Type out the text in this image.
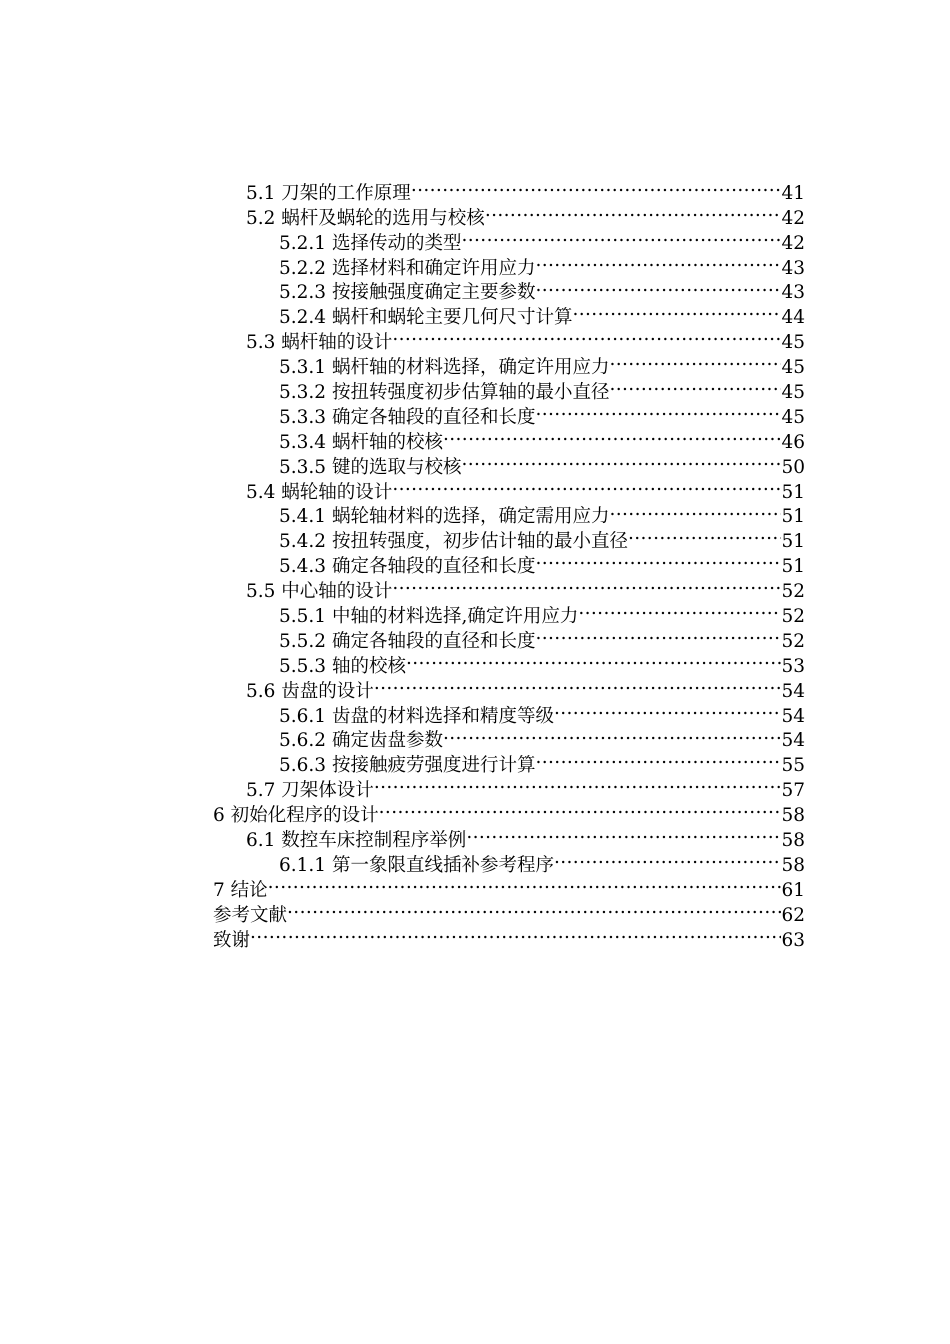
5.1 刀架的工作原理 .....	41
5.2 蜗杆及蜗轮的选用与校核 .....	42
5.2.1 选择传动的类型 .....	42
5.2.2 选择材料和确定许用应力 .....	43
5.2.3 按接触强度确定主要参数 .....	43
5.2.4 蜗杆和蜗轮主要几何尺寸计算 .....	44
5.3 蜗杆轴的设计 .....	45
5.3.1 蜗杆轴的材料选择，确定许用应力 .....	45
5.3.2 按扭转强度初步估算轴的最小直径 .....	45
5.3.3 确定各轴段的直径和长度 .....	45
5.3.4 蜗杆轴的校核 .....	46
5.3.5 键的选取与校核 .....	50
5.4 蜗轮轴的设计 .....	51
5.4.1 蜗轮轴材料的选择，确定需用应力 .....	51
5.4.2 按扭转强度，初步估计轴的最小直径 .....	51
5.4.3 确定各轴段的直径和长度 .....	51
5.5 中心轴的设计 .....	52
5.5.1 中轴的材料选择,确定许用应力 .....	52
5.5.2 确定各轴段的直径和长度 .....	52
5.5.3 轴的校核 .....	53
5.6 齿盘的设计 .....	54
5.6.1 齿盘的材料选择和精度等级 .....	54
5.6.2 确定齿盘参数 .....	54
5.6.3 按接触疲劳强度进行计算 .....	55
5.7 刀架体设计 .....	57
6 初始化程序的设计 .....	58
6.1 数控车床控制程序举例 .....	58
6.1.1 第一象限直线插补参考程序 .....	58
7 结论 .....	61
参考文献 .....	62
致谢 .....	63
